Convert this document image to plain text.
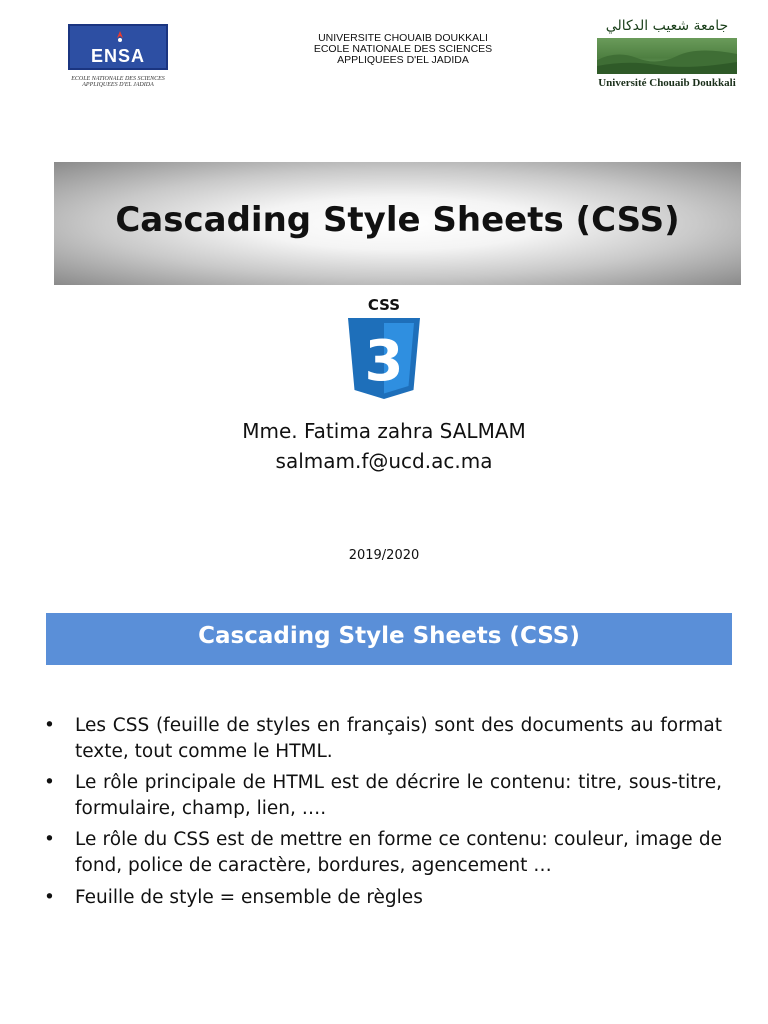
ENSA
ECOLE NATIONALE DES SCIENCES
APPLIQUEES D'EL JADIDA
UNIVERSITE CHOUAIB DOUKKALI
ECOLE NATIONALE DES SCIENCES
APPLIQUEES D'EL JADIDA
جامعة شعيب الدكالي
Université Chouaib Doukkali
Cascading Style Sheets (CSS)
CSS
3
Mme. Fatima zahra SALMAM
salmam.f@ucd.ac.ma
2019/2020
Cascading Style Sheets (CSS)
• Les CSS (feuille de styles en français) sont des documents au format texte, tout comme le HTML.
• Le rôle principale de HTML est de décrire le contenu: titre, sous-titre, formulaire, champ, lien, ….
• Le rôle du CSS est de mettre en forme ce contenu: couleur, image de fond, police de caractère, bordures, agencement …
• Feuille de style = ensemble de règles
